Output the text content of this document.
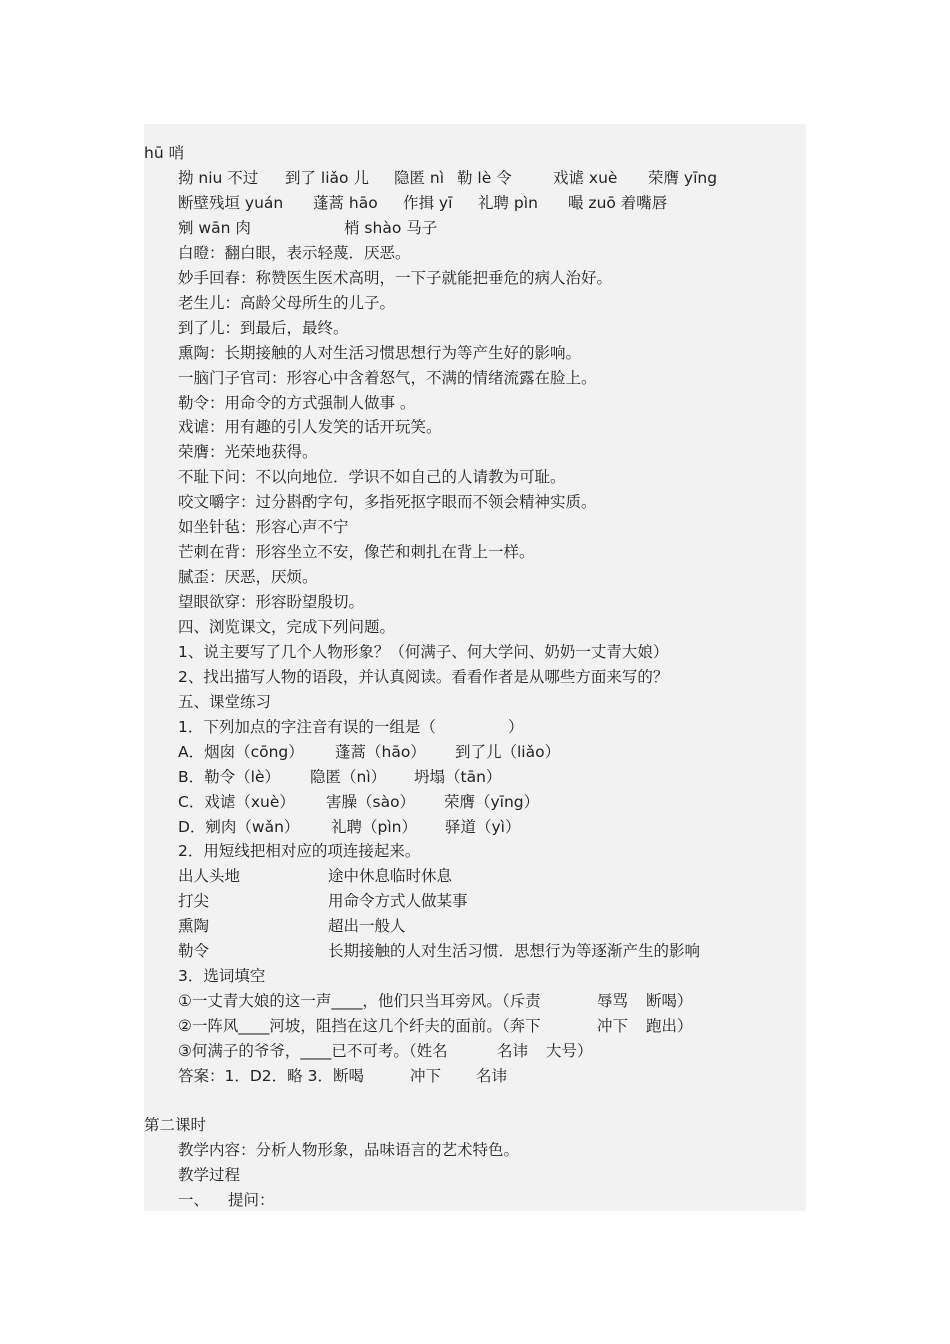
hū 哨
拗 niu 不过 到了 liǎo 儿 隐匿 nì 勒 lè 令	戏谑 xuè 荣膺 yīng
断壁残垣 yuán 蓬蒿 hāo 作揖 yī 礼聘 pìn 嘬 zuō 着嘴唇
剜 wān 肉	梢 shào 马子
白瞪：翻白眼，表示轻蔑．厌恶。
妙手回春：称赞医生医术高明，一下子就能把垂危的病人治好。
老生儿：高龄父母所生的儿子。
到了儿：到最后，最终。
熏陶：长期接触的人对生活习惯思想行为等产生好的影响。
一脑门子官司：形容心中含着怒气，不满的情绪流露在脸上。
勒令：用命令的方式强制人做事 。
戏谑：用有趣的引人发笑的话开玩笑。
荣膺：光荣地获得。
不耻下问：不以向地位．学识不如自己的人请教为可耻。
咬文嚼字：过分斟酌字句，多指死抠字眼而不领会精神实质。
如坐针毡：形容心声不宁
芒刺在背：形容坐立不安，像芒和刺扎在背上一样。
腻歪：厌恶，厌烦。
望眼欲穿：形容盼望殷切。
四、浏览课文，完成下列问题。
1、说主要写了几个人物形象？（何满子、何大学问、奶奶一丈青大娘）
2、找出描写人物的语段，并认真阅读。看看作者是从哪些方面来写的？
五、课堂练习
1．下列加点的字注音有误的一组是（	）
A．烟囱（cōng） 蓬蒿（hāo） 到了儿（liǎo）
B．勒令（lè） 隐匿（nì） 坍塌（tān）
C．戏谑（xuè） 害臊（sào） 荣膺（yīng）
D．剜肉（wǎn） 礼聘（pìn） 驿道（yì）
2．用短线把相对应的项连接起来。
出人头地	途中休息临时休息
打尖	用命令方式人做某事
熏陶	超出一般人
勒令	长期接触的人对生活习惯．思想行为等逐渐产生的影响
3．选词填空
①一丈青大娘的这一声____，他们只当耳旁风。（斥责	辱骂 断喝）
②一阵风____河坡，阻挡在这几个纤夫的面前。（奔下	冲下 跑出）
③何满子的爷爷，____已不可考。（姓名	名讳 大号）
答案：1．D2．略 3．断喝	冲下 名讳
第二课时
教学内容：分析人物形象，品味语言的艺术特色。
教学过程
一、 提问：
